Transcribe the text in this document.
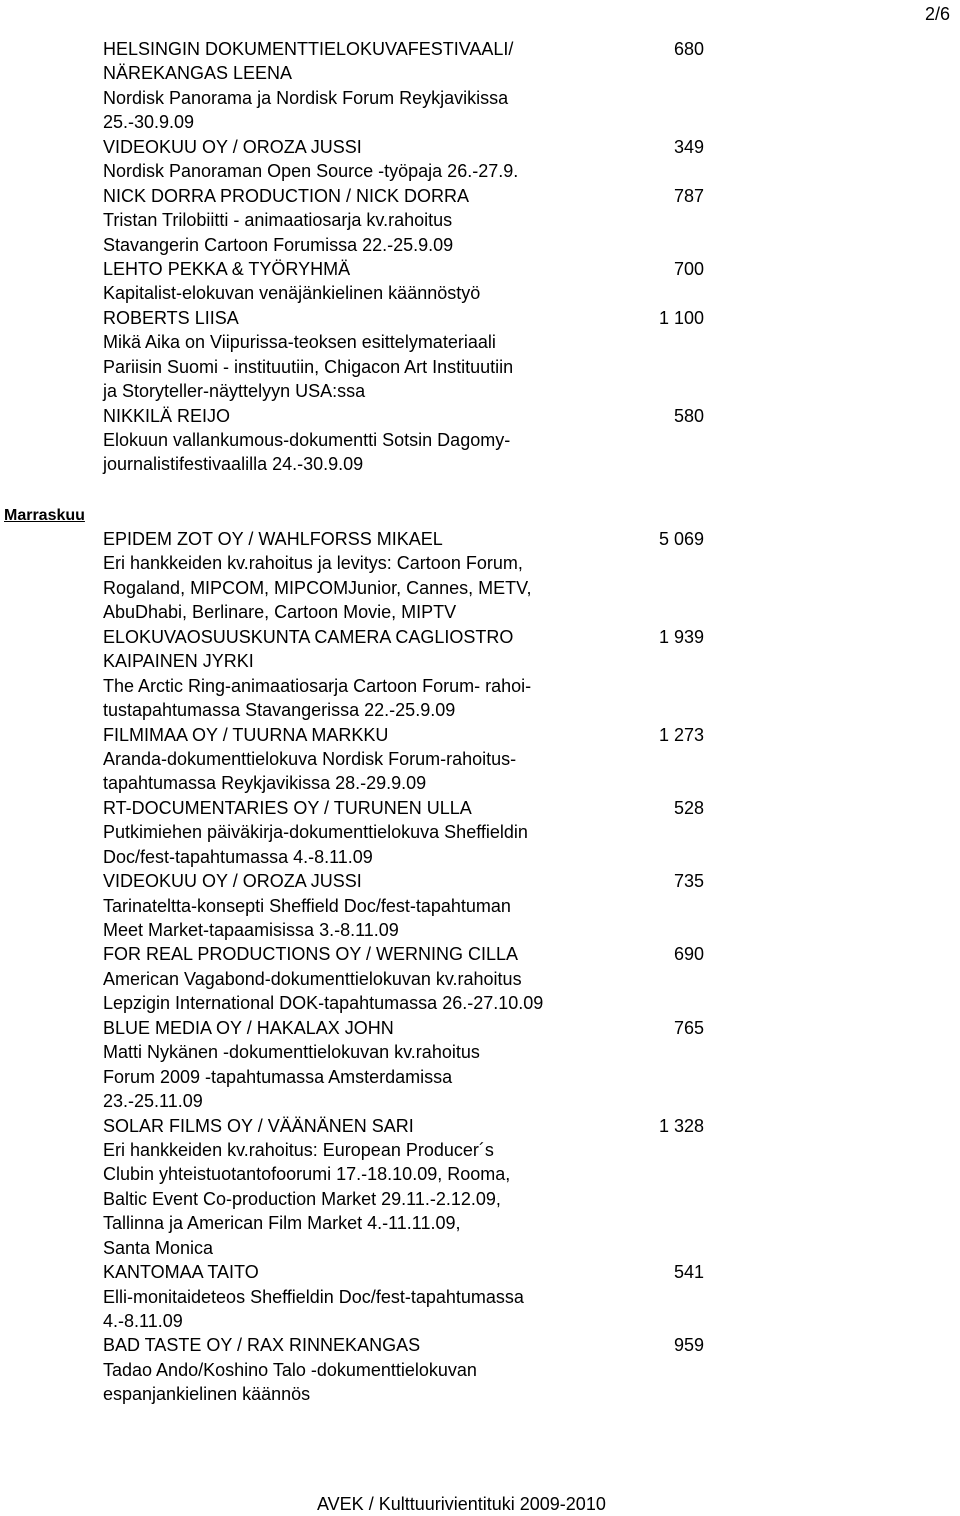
2/6
HELSINGIN DOKUMENTTIELOKUVAFESTIVAALI/	680
NÄREKANGAS LEENA
Nordisk Panorama ja Nordisk Forum Reykjavikissa
25.-30.9.09
VIDEOKUU OY / OROZA JUSSI	349
Nordisk Panoraman Open Source -työpaja 26.-27.9.
NICK DORRA PRODUCTION / NICK DORRA	787
Tristan Trilobiitti - animaatiosarja kv.rahoitus
Stavangerin Cartoon Forumissa 22.-25.9.09
LEHTO PEKKA & TYÖRYHMÄ	700
Kapitalist-elokuvan venäjänkielinen käännöstyö
ROBERTS LIISA	1 100
Mikä Aika on Viipurissa-teoksen esittelymateriaali
Pariisin Suomi - instituutiin, Chigacon Art Instituutiin
ja Storyteller-näyttelyyn USA:ssa
NIKKILÄ REIJO	580
Elokuun vallankumous-dokumentti Sotsin Dagomy-
journalistifestivaalilla 24.-30.9.09
Marraskuu
EPIDEM ZOT OY / WAHLFORSS MIKAEL	5 069
Eri hankkeiden kv.rahoitus ja levitys: Cartoon Forum,
Rogaland, MIPCOM, MIPCOMJunior, Cannes, METV,
AbuDhabi, Berlinare, Cartoon Movie, MIPTV
ELOKUVAOSUUSKUNTA CAMERA CAGLIOSTRO	1 939
KAIPAINEN JYRKI
The Arctic Ring-animaatiosarja Cartoon Forum- rahoi-
tustapahtumassa Stavangerissa 22.-25.9.09
FILMIMAA OY / TUURNA MARKKU	1 273
Aranda-dokumenttielokuva Nordisk Forum-rahoitus-
tapahtumassa Reykjavikissa 28.-29.9.09
RT-DOCUMENTARIES OY / TURUNEN ULLA	528
Putkimiehen päiväkirja-dokumenttielokuva Sheffieldin
Doc/fest-tapahtumassa 4.-8.11.09
VIDEOKUU OY / OROZA JUSSI	735
Tarinateltta-konsepti Sheffield Doc/fest-tapahtuman
Meet Market-tapaamisissa 3.-8.11.09
FOR REAL PRODUCTIONS OY / WERNING CILLA	690
American Vagabond-dokumenttielokuvan kv.rahoitus
Lepzigin International DOK-tapahtumassa 26.-27.10.09
BLUE MEDIA OY / HAKALAX JOHN	765
Matti Nykänen -dokumenttielokuvan kv.rahoitus
Forum 2009 -tapahtumassa Amsterdamissa
23.-25.11.09
SOLAR FILMS OY / VÄÄNÄNEN SARI	1 328
Eri hankkeiden kv.rahoitus: European Producer´s
Clubin yhteistuotantofoorumi 17.-18.10.09, Rooma,
Baltic Event Co-production Market 29.11.-2.12.09,
Tallinna ja American Film Market 4.-11.11.09,
Santa Monica
KANTOMAA TAITO	541
Elli-monitaideteos Sheffieldin Doc/fest-tapahtumassa
4.-8.11.09
BAD TASTE OY / RAX RINNEKANGAS	959
Tadao Ando/Koshino Talo -dokumenttielokuvan
espanjankielinen käännös
AVEK / Kulttuurivientituki 2009-2010
